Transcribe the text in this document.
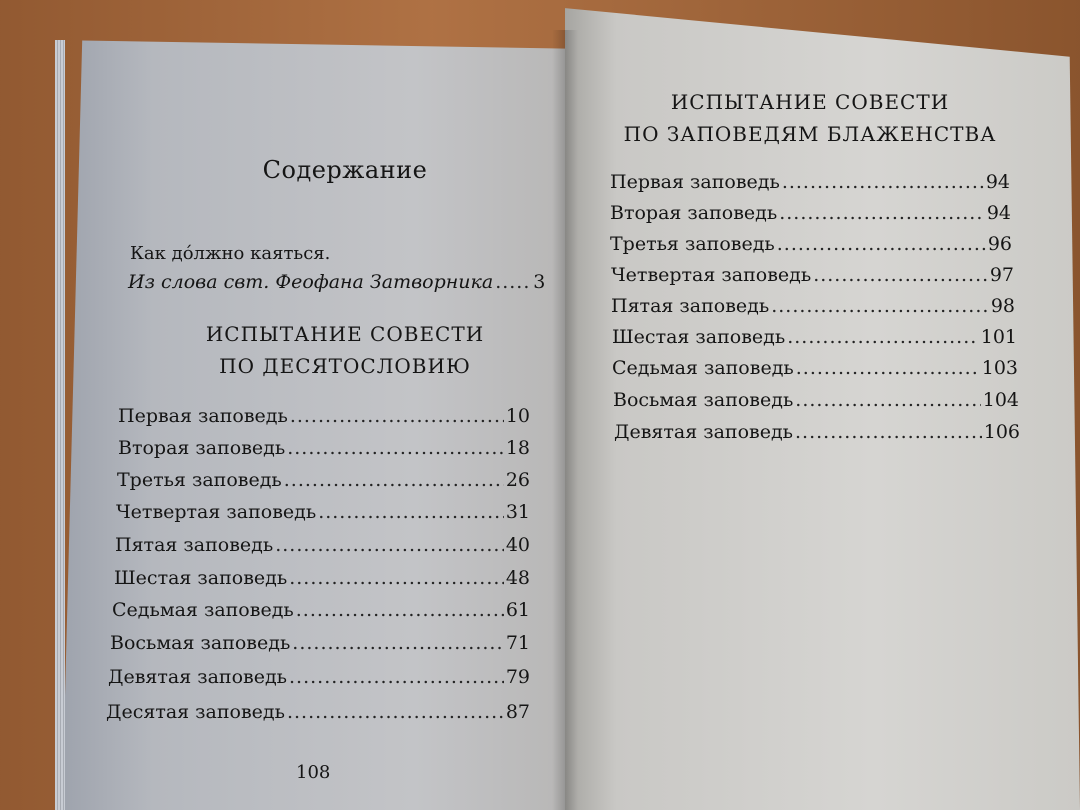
Содержание
Как до́лжно каяться.
Из слова свт. Феофана Затворника ..... 3
ИСПЫТАНИЕ СОВЕСТИ
ПО ДЕСЯТОСЛОВИЮ
Первая заповедь .....	10
Вторая заповедь .....	18
Третья заповедь .....	26
Четвертая заповедь .....	31
Пятая заповедь .....	40
Шестая заповедь .....	48
Седьмая заповедь .....	61
Восьмая заповедь .....	71
Девятая заповедь .....	79
Десятая заповедь .....	87
108
ИСПЫТАНИЕ СОВЕСТИ
ПО ЗАПОВЕДЯМ БЛАЖЕНСТВА
Первая заповедь .....	94
Вторая заповедь .....	94
Третья заповедь .....	96
Четвертая заповедь .....	97
Пятая заповедь .....	98
Шестая заповедь .....	101
Седьмая заповедь .....	103
Восьмая заповедь .....	104
Девятая заповедь .....	106
